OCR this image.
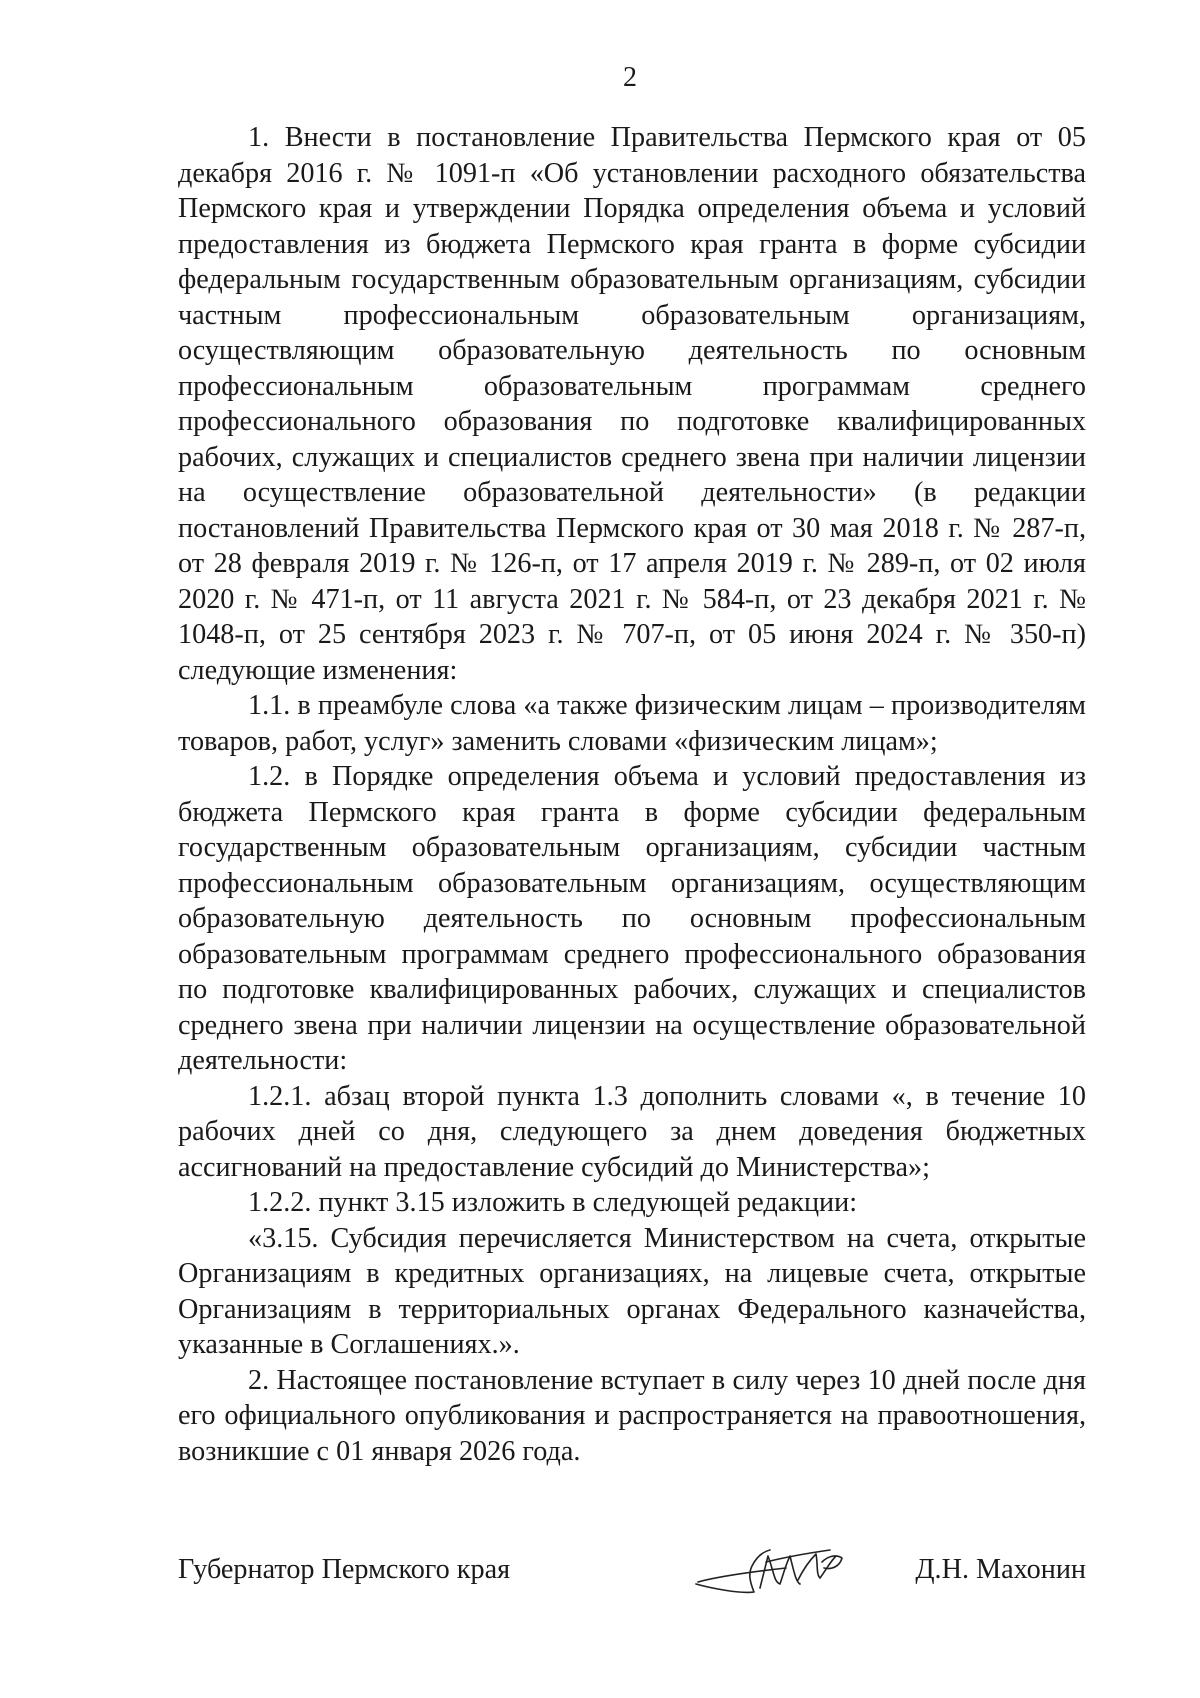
2

1. Внести в постановление Правительства Пермского края от 05 декабря 2016 г. № 1091-п «Об установлении расходного обязательства Пермского края и утверждении Порядка определения объема и условий предоставления из бюджета Пермского края гранта в форме субсидии федеральным государственным образовательным организациям, субсидии частным профессиональным образовательным организациям, осуществляющим образовательную деятельность по основным профессиональным образовательным программам среднего профессионального образования по подготовке квалифицированных рабочих, служащих и специалистов среднего звена при наличии лицензии на осуществление образовательной деятельности» (в редакции постановлений Правительства Пермского края от 30 мая 2018 г. № 287-п, от 28 февраля 2019 г. № 126-п, от 17 апреля 2019 г. № 289-п, от 02 июля 2020 г. № 471-п, от 11 августа 2021 г. № 584-п, от 23 декабря 2021 г. № 1048-п, от 25 сентября 2023 г. № 707-п, от 05 июня 2024 г. № 350-п) следующие изменения:

1.1. в преамбуле слова «а также физическим лицам – производителям товаров, работ, услуг» заменить словами «физическим лицам»;

1.2. в Порядке определения объема и условий предоставления из бюджета Пермского края гранта в форме субсидии федеральным государственным образовательным организациям, субсидии частным профессиональным образовательным организациям, осуществляющим образовательную деятельность по основным профессиональным образовательным программам среднего профессионального образования по подготовке квалифицированных рабочих, служащих и специалистов среднего звена при наличии лицензии на осуществление образовательной деятельности:

1.2.1. абзац второй пункта 1.3 дополнить словами «, в течение 10 рабочих дней со дня, следующего за днем доведения бюджетных ассигнований на предоставление субсидий до Министерства»;

1.2.2. пункт 3.15 изложить в следующей редакции:

«3.15. Субсидия перечисляется Министерством на счета, открытые Организациям в кредитных организациях, на лицевые счета, открытые Организациям в территориальных органах Федерального казначейства, указанные в Соглашениях.».

2. Настоящее постановление вступает в силу через 10 дней после дня его официального опубликования и распространяется на правоотношения, возникшие с 01 января 2026 года.

Губернатор Пермского края	Д.Н. Махонин
